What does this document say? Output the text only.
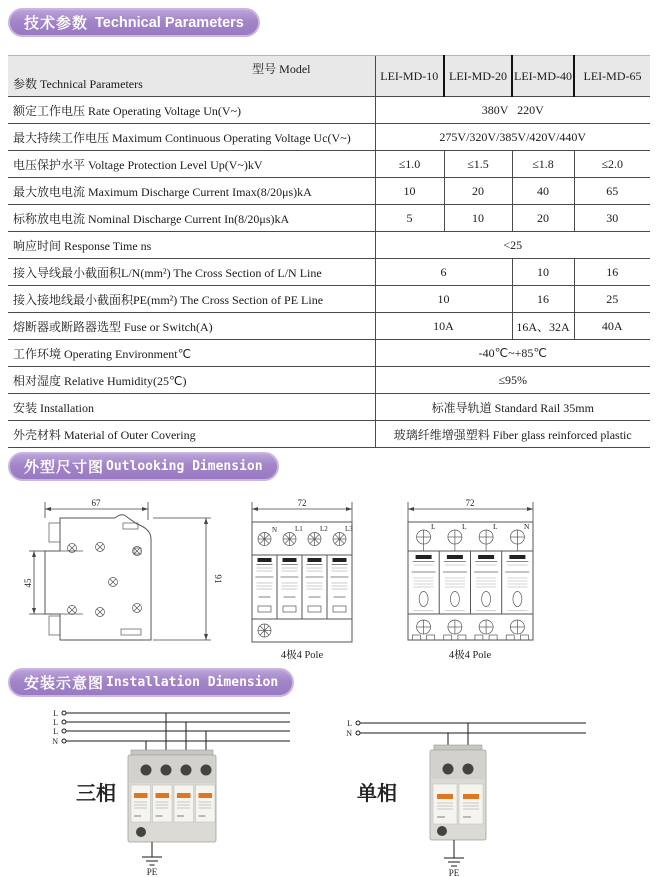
技术参数 Technical Parameters
型号 Model
参数 Technical Parameters	LEI-MD-10	LEI-MD-20	LEI-MD-40	LEI-MD-65
额定工作电压 Rate Operating Voltage Un(V~)	380V   220V			
最大持续工作电压 Maximum Continuous Operating Voltage Uc(V~)	275V/320V/385V/420V/440V			
电压保护水平 Voltage Protection Level Up(V~)kV	≤1.0	≤1.5	≤1.8	≤2.0
最大放电电流 Maximum Discharge Current Imax(8/20μs)kA	10	20	40	65
标称放电电流 Nominal Discharge Current In(8/20μs)kA	5	10	20	30
响应时间 Response Time ns	<25			
接入导线最小截面积L/N(mm²) The Cross Section of L/N Line	6		10	16
接入接地线最小截面积PE(mm²) The Cross Section of PE Line	10		16	25
熔断器或断路器选型 Fuse or Switch(A)	10A		16A、32A	40A
工作环境 Operating Environment℃	-40℃~+85℃			
相对湿度 Relative Humidity(25℃)	≤95%			
安装 Installation	标准导轨道 Standard Rail 35mm			
外壳材料 Material of Outer Covering	玻璃纤维增强塑料 Fiber glass reinforced plastic			
外型尺寸图 Outlooking Dimension
67
91
45
72
N	L1 L2 L3
4极4 Pole
72
L	L	L	N
4极4 Pole
安装示意图 Installation Dimension
L
L
L
N
PE
三相
L
N
PE
单相
